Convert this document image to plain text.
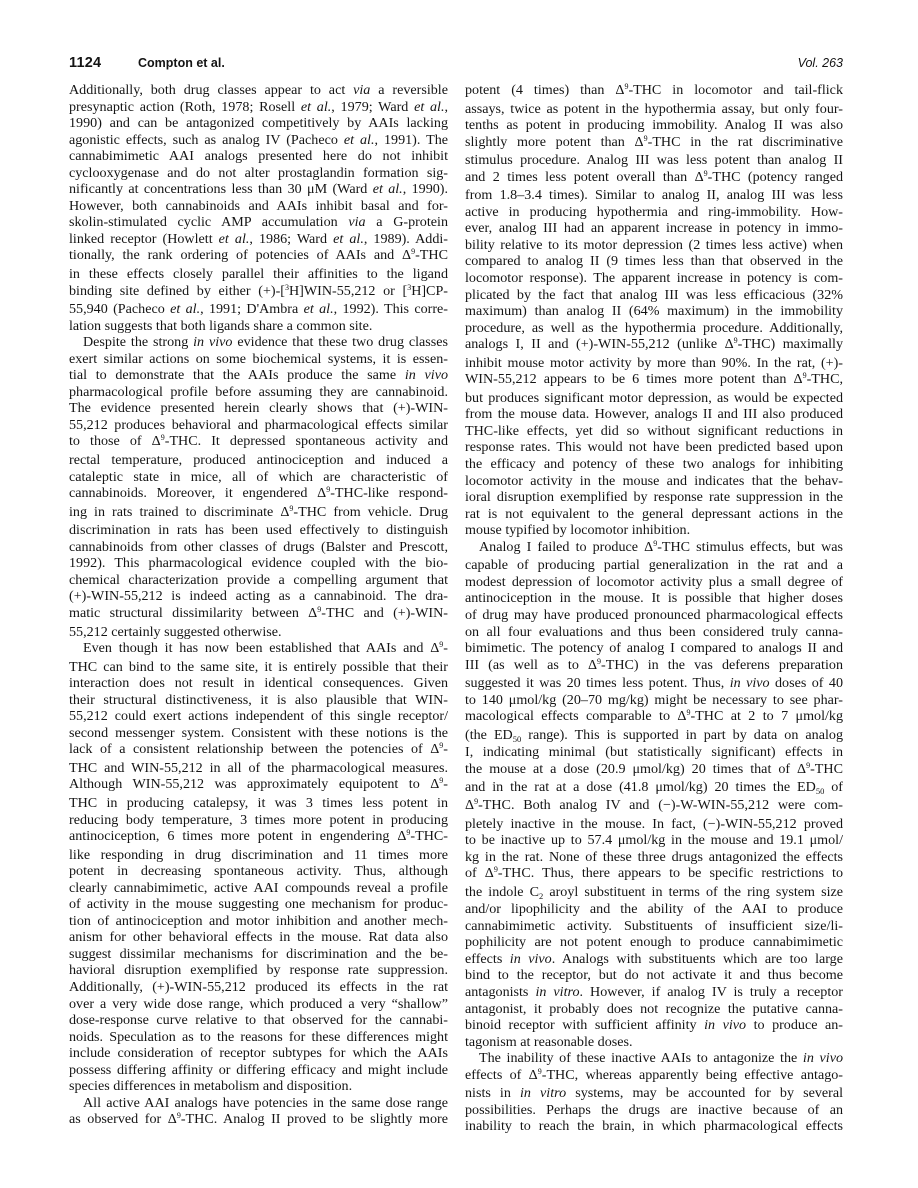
1124	Compton et al.	Vol. 263

Additionally, both drug classes appear to act via a reversible
presynaptic action (Roth, 1978; Rosell et al., 1979; Ward et al.,
1990) and can be antagonized competitively by AAIs lacking
agonistic effects, such as analog IV (Pacheco et al., 1991). The
cannabimimetic AAI analogs presented here do not inhibit
cyclooxygenase and do not alter prostaglandin formation sig-
nificantly at concentrations less than 30 μM (Ward et al., 1990).
However, both cannabinoids and AAIs inhibit basal and for-
skolin-stimulated cyclic AMP accumulation via a G-protein
linked receptor (Howlett et al., 1986; Ward et al., 1989). Addi-
tionally, the rank ordering of potencies of AAIs and $\Delta^9$-THC
in these effects closely parallel their affinities to the ligand
binding site defined by either (+)-[$^3$H]WIN-55,212 or [$^3$H]CP-
55,940 (Pacheco et al., 1991; D'Ambra et al., 1992). This corre-
lation suggests that both ligands share a common site.

Despite the strong in vivo evidence that these two drug classes
exert similar actions on some biochemical systems, it is essen-
tial to demonstrate that the AAIs produce the same in vivo
pharmacological profile before assuming they are cannabinoid.
The evidence presented herein clearly shows that (+)-WIN-
55,212 produces behavioral and pharmacological effects similar
to those of $\Delta^9$-THC. It depressed spontaneous activity and
rectal temperature, produced antinociception and induced a
cataleptic state in mice, all of which are characteristic of
cannabinoids. Moreover, it engendered $\Delta^9-THC$-like respond-
ing in rats trained to discriminate $\Delta^9$-THC from vehicle. Drug
discrimination in rats has been used effectively to distinguish
cannabinoids from other classes of drugs (Balster and Prescott,
1992). This pharmacological evidence coupled with the bio-
chemical characterization provide a compelling argument that
(+)-WIN-55,212 is indeed acting as a cannabinoid. The dra-
matic structural dissimilarity between $\Delta^9$-THC and (+)-WIN-
55,212 certainly suggested otherwise.

Even though it has now been established that AAIs and $\Delta^9-$
THC can bind to the same site, it is entirely possible that their
interaction does not result in identical consequences. Given
their structural distinctiveness, it is also plausible that WIN-
55,212 could exert actions independent of this single receptor/
second messenger system. Consistent with these notions is the
lack of a consistent relationship between the potencies of $\Delta^9-$
THC and WIN-55,212 in all of the pharmacological measures.
Although WIN-55,212 was approximately equipotent to $\Delta^9-$
THC in producing catalepsy, it was 3 times less potent in
reducing body temperature, 3 times more potent in producing
antinociception, 6 times more potent in engendering $\Delta^9-THC-$
like responding in drug discrimination and 11 times more
potent in decreasing spontaneous activity. Thus, although
clearly cannabimimetic, active AAI compounds reveal a profile
of activity in the mouse suggesting one mechanism for produc-
tion of antinociception and motor inhibition and another mech-
anism for other behavioral effects in the mouse. Rat data also
suggest dissimilar mechanisms for discrimination and the be-
havioral disruption exemplified by response rate suppression.
Additionally, (+)-WIN-55,212 produced its effects in the rat
over a very wide dose range, which produced a very “shallow”
dose-response curve relative to that observed for the cannabi-
noids. Speculation as to the reasons for these differences might
include consideration of receptor subtypes for which the AAIs
possess differing affinity or differing efficacy and might include
species differences in metabolism and disposition.

All active AAI analogs have potencies in the same dose range
as observed for $\Delta^9$-THC. Analog II proved to be slightly more

potent (4 times) than $\Delta^9$-THC in locomotor and tail-flick
assays, twice as potent in the hypothermia assay, but only four-
tenths as potent in producing immobility. Analog II was also
slightly more potent than $\Delta^9$-THC in the rat discriminative
stimulus procedure. Analog III was less potent than analog II
and 2 times less potent overall than $\Delta^9$-THC (potency ranged
from 1.8–3.4 times). Similar to analog II, analog III was less
active in producing hypothermia and ring-immobility. How-
ever, analog III had an apparent increase in potency in immo-
bility relative to its motor depression (2 times less active) when
compared to analog II (9 times less than that observed in the
locomotor response). The apparent increase in potency is com-
plicated by the fact that analog III was less efficacious (32%
maximum) than analog II (64% maximum) in the immobility
procedure, as well as the hypothermia procedure. Additionally,
analogs I, II and (+)-WIN-55,212 (unlike $\Delta^9-THC$) maximally
inhibit mouse motor activity by more than 90%. In the rat, (+)-
WIN-55,212 appears to be 6 times more potent than $\Delta^9$-THC,
but produces significant motor depression, as would be expected
from the mouse data. However, analogs II and III also produced
THC-like effects, yet did so without significant reductions in
response rates. This would not have been predicted based upon
the efficacy and potency of these two analogs for inhibiting
locomotor activity in the mouse and indicates that the behav-
ioral disruption exemplified by response rate suppression in the
rat is not equivalent to the general depressant actions in the
mouse typified by locomotor inhibition.

Analog I failed to produce $\Delta^9$-THC stimulus effects, but was
capable of producing partial generalization in the rat and a
modest depression of locomotor activity plus a small degree of
antinociception in the mouse. It is possible that higher doses
of drug may have produced pronounced pharmacological effects
on all four evaluations and thus been considered truly canna-
bimimetic. The potency of analog I compared to analogs II and
III (as well as to $\Delta^9-THC$) in the vas deferens preparation
suggested it was 20 times less potent. Thus, in vivo doses of 40
to 140 μmol/kg (20–70 mg/kg) might be necessary to see phar-
macological effects comparable to $\Delta^9$-THC at 2 to 7 μmol/kg
(the $ED_{50}$ range). This is supported in part by data on analog
I, indicating minimal (but statistically significant) effects in
the mouse at a dose (20.9 μmol/kg) 20 times that of $\Delta^9$-THC
and in the rat at a dose (41.8 μmol/kg) 20 times the $ED_{50}$ of
$\Delta^9$-THC. Both analog IV and (−)-W-WIN-55,212 were com-
pletely inactive in the mouse. In fact, (−)-WIN-55,212 proved
to be inactive up to 57.4 μmol/kg in the mouse and 19.1 μmol/
kg in the rat. None of these three drugs antagonized the effects
of $\Delta^9$-THC. Thus, there appears to be specific restrictions to
the indole $C_2$ aroyl substituent in terms of the ring system size
and/or lipophilicity and the ability of the AAI to produce
cannabimimetic activity. Substituents of insufficient size/li-
pophilicity are not potent enough to produce cannabimimetic
effects in vivo. Analogs with substituents which are too large
bind to the receptor, but do not activate it and thus become
antagonists in vitro. However, if analog IV is truly a receptor
antagonist, it probably does not recognize the putative canna-
binoid receptor with sufficient affinity in vivo to produce an-
tagonism at reasonable doses.

The inability of these inactive AAIs to antagonize the in vivo
effects of $\Delta^9$-THC, whereas apparently being effective antago-
nists in in vitro systems, may be accounted for by several
possibilities. Perhaps the drugs are inactive because of an
inability to reach the brain, in which pharmacological effects
